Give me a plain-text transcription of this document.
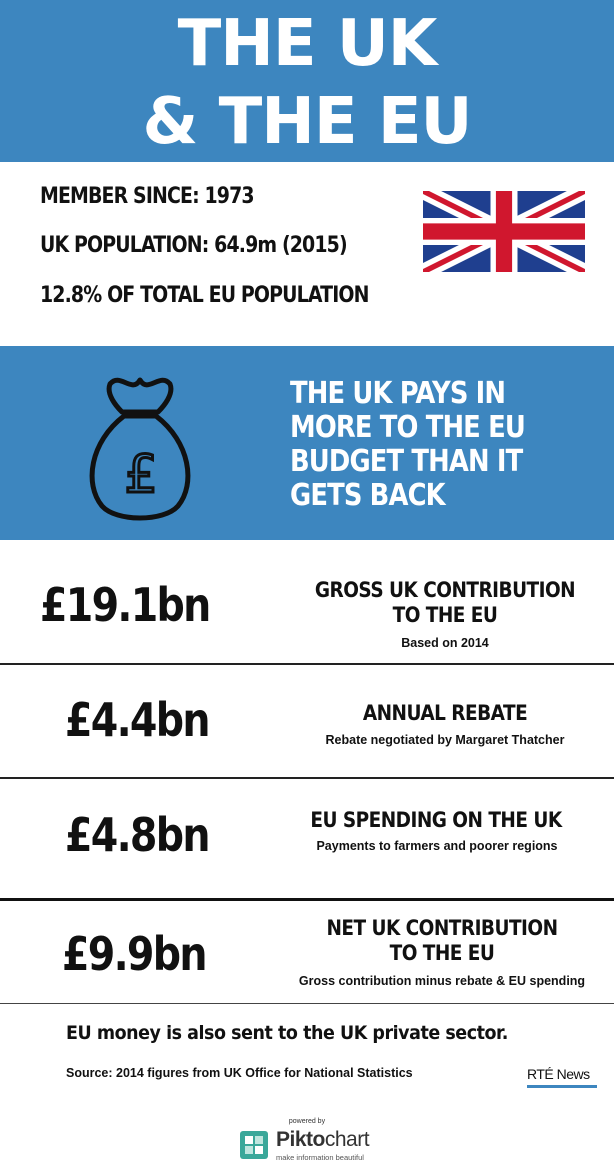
THE UK
& THE EU
MEMBER SINCE: 1973
UK POPULATION: 64.9m (2015)
12.8% OF TOTAL EU POPULATION
£
THE UK PAYS IN
MORE TO THE EU
BUDGET THAN IT
GETS BACK
£19.1bn	GROSS UK CONTRIBUTION
TO THE EU
Based on 2014
£4.4bn	ANNUAL REBATE
Rebate negotiated by Margaret Thatcher
£4.8bn	EU SPENDING ON THE UK
Payments to farmers and poorer regions
£9.9bn	NET UK CONTRIBUTION
TO THE EU
Gross contribution minus rebate & EU spending
EU money is also sent to the UK private sector.
Source: 2014 figures from UK Office for National Statistics	RTÉ News
powered by
Piktochart
make information beautiful
